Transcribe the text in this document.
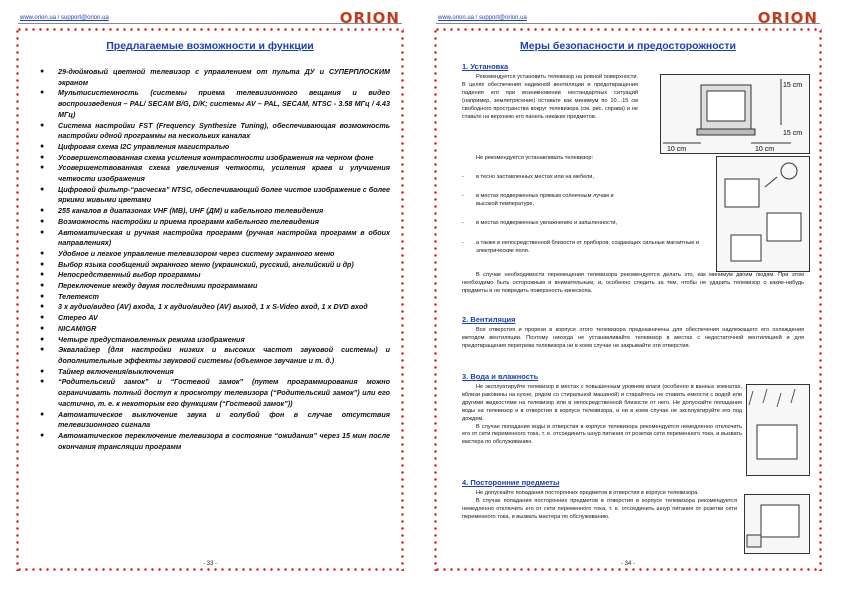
www.orion.ua / support@orion.ua	ORION
Предлагаемые возможности и функции
● 29-дюймовый цветной телевизор с управлением от пульта ДУ и СУПЕРПЛОСКИМ экраном
● Мультисистемность (системы приема телевизионного вещания и видео воспроизведения – PAL/ SECAM B/G, D/K; системы AV – PAL, SECAM, NTSC - 3.58 МГц / 4.43 МГц)
● Система настройки FST (Frequency Synthesize Tuning), обеспечивающая возможность настройки одной программы на нескольких каналах
● Цифровая схема I2C управления магистралью
● Усовершенствованная схема усиления контрастности изображения на черном фоне
● Усовершенствованная схема увеличения четкости, усиления краев и улучшения четкости изображения
● Цифровой фильтр-“расческа” NTSC, обеспечивающий более чистое изображение с более яркими живыми цветами
● 255 каналов в диапазонах VHF (МВ), UHF (ДМ) и кабельного телевидения
● Возможность настройки и приема программ кабельного телевидения
● Автоматическая и ручная настройка программ (ручная настройка программ в обоих направлениях)
● Удобное и легкое управление телевизором через систему экранного меню
● Выбор языка сообщений экранного меню (украинский, русский, английский и др)
● Непосредственный выбор программы
● Переключение между двумя последними программами
● Телетекст
● 3 х аудио/видео (AV) входа, 1 х аудио/видео (AV) выход, 1 х S-Video вход, 1 х DVD вход
● Стерео AV
● NICAM/IGR
● Четыре предустановленных режима изображения
● Эквалайзер (для настройки низких и высоких частот звуковой системы) и дополнительные эффекты звуковой системы (объемное звучание и т. д.)
● Таймер включения/выключения
● “Родительский замок” и “Гостевой замок” (путем программирования можно ограничивать полный доступ к просмотру телевизора (“Родительский замок”) или его частично, т. е. к некоторым его функциям (“Гостевой замок”))
● Автоматическое выключение звука и голубой фон в случае отсутствия телевизионного сигнала
● Автоматическое переключение телевизора в состояние “ожидания” через 15 мин после окончания трансляции программ
- 33 -
www.orion.ua / support@orion.ua	ORION
Меры безопасности и предосторожности
1. Установка

Рекомендуется установить телевизор на ровной поверхности. В целях обеспечения надежной вентиляции и предотвращения падения его при возникновении нестандартных ситуаций (например, землетрясение) оставьте как минимум по 10…15 см свободного пространства вокруг телевизора (см. рис. справа) и не ставьте на верхнюю его панель никаких предметов.

10 cm	10 cm
15 cm
15 cm

Не рекомендуется устанавливать телевизор:

- в тесно заставленных местах или на мебели,
- в местах подверженных прямым солнечным лучам и высокой температуре,
- в местах подверженных увлажнению и запыленности,
- а также в непосредственной близости от приборов, создающих сильные магнитные и электрические поля.

В случае необходимости перемещения телевизора рекомендуется делать это, как минимум двоим людям. При этом необходимо быть осторожным и внимательным, и, особенно следить за тем, чтобы не ударить телевизор о какие-нибудь предметы и не повредить поверхность кинескопа.

2. Вентиляция

Все отверстия и прорези в корпусе этого телевизора предназначены для обеспечения надлежащего его охлаждения методом вентиляции. Поэтому никогда не устанавливайте телевизор в местах с недостаточной вентиляцией и для предотвращения перегрева телевизора ни в коем случае не закрывайте эти отверстия.

3. Вода и влажность

Не эксплуатируйте телевизор в местах с повышенным уровнем влаги (особенно в ванных комнатах, вблизи раковины на кухне, рядом со стиральной машиной) и старайтесь не ставить емкости с водой или другими жидкостями на телевизор или в непосредственной близости от него. Не допускайте попадания воды на телевизор и в отверстия в корпусе телевизора, и ни в коем случае не эксплуатируйте его под дождем.

В случае попадания воды в отверстия в корпусе телевизора рекомендуется немедленно отключить его от сети переменного тока, т. е. отсоединить шнур питания от розетки сети переменного тока, и вызвать мастера по обслуживанию.

4. Посторонние предметы

Не допускайте попадания посторонних предметов в отверстия в корпусе телевизора.

В случае попадания посторонних предметов в отверстия в корпусе телевизора рекомендуется немедленно отключить его от сети переменного тока, т. е. отсоединить шнур питания от розетки сети переменного тока, и вызвать мастера по обслуживанию.

- 34 -
